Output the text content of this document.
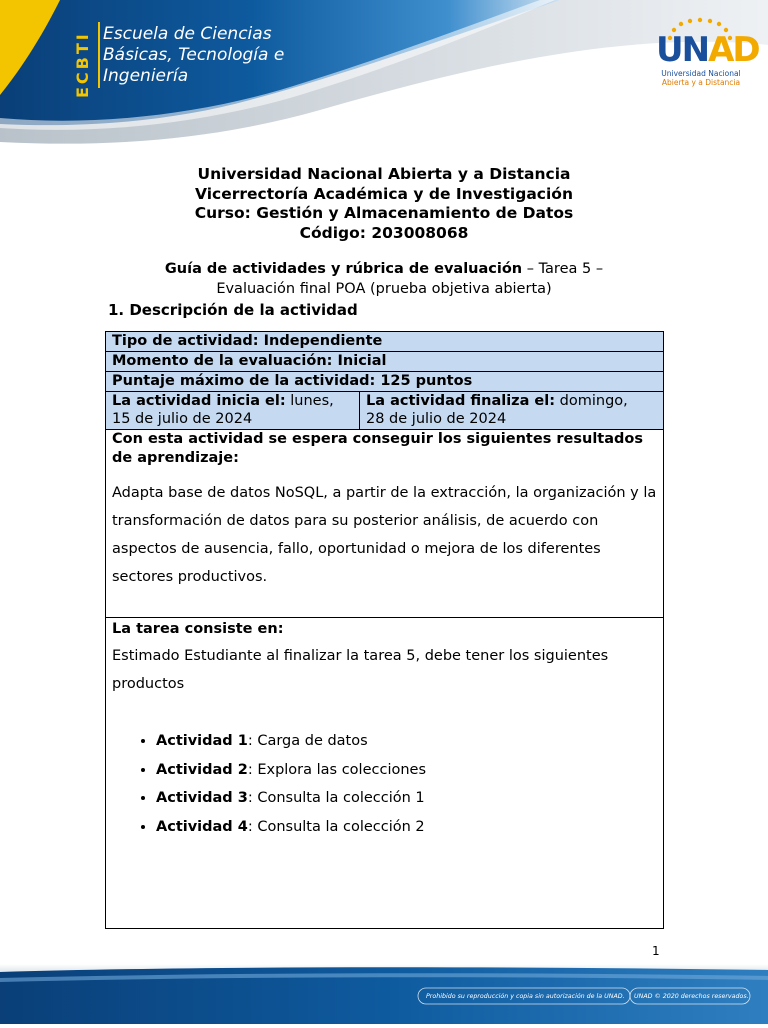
ECBTI Escuela de Ciencias
Básicas, Tecnología e
Ingeniería
UNAD
Universidad Nacional
Abierta y a Distancia
Universidad Nacional Abierta y a Distancia
Vicerrectoría Académica y de Investigación
Curso: Gestión y Almacenamiento de Datos
Código: 203008068
Guía de actividades y rúbrica de evaluación – Tarea 5 –
Evaluación final POA (prueba objetiva abierta)
1. Descripción de la actividad
Tipo de actividad: Independiente
Momento de la evaluación: Inicial
Puntaje máximo de la actividad: 125 puntos
La actividad inicia el: lunes,
15 de julio de 2024
La actividad finaliza el: domingo,
28 de julio de 2024
Con esta actividad se espera conseguir los siguientes resultados
de aprendizaje:
Adapta base de datos NoSQL, a partir de la extracción, la organización y la transformación de datos para su posterior análisis, de acuerdo con aspectos de ausencia, fallo, oportunidad o mejora de los diferentes sectores productivos.
La tarea consiste en:
Estimado Estudiante al finalizar la tarea 5, debe tener los siguientes productos
• Actividad 1: Carga de datos
• Actividad 2: Explora las colecciones
• Actividad 3: Consulta la colección 1
• Actividad 4: Consulta la colección 2
1
Prohibido su reproducción y copia sin autorización de la UNAD. UNAD © 2020 derechos reservados.
